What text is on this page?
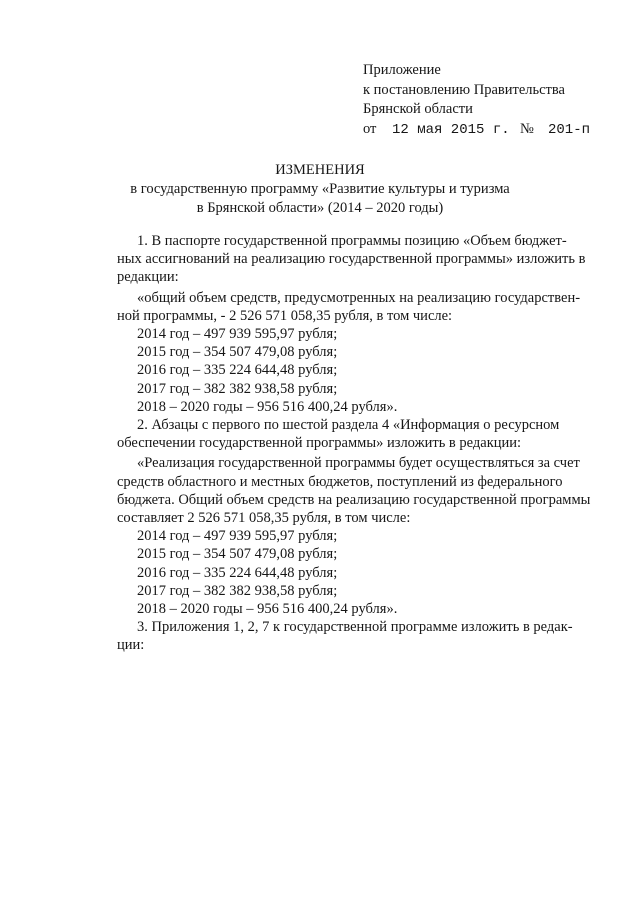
Приложение
к постановлению Правительства
Брянской области
от 12 мая 2015 г. № 201-п
ИЗМЕНЕНИЯ
в государственную программу «Развитие культуры и туризма
в Брянской области» (2014 – 2020 годы)
1. В паспорте государственной программы позицию «Объем бюджет-
ных ассигнований на реализацию государственной программы» изложить в
редакции:
«общий объем средств, предусмотренных на реализацию государствен-
ной программы, - 2 526 571 058,35 рубля, в том числе:
2014 год – 497 939 595,97 рубля;
2015 год – 354 507 479,08 рубля;
2016 год – 335 224 644,48 рубля;
2017 год – 382 382 938,58 рубля;
2018 – 2020 годы – 956 516 400,24 рубля».
2. Абзацы с первого по шестой раздела 4 «Информация о ресурсном
обеспечении государственной программы» изложить в редакции:
«Реализация государственной программы будет осуществляться за счет
средств областного и местных бюджетов, поступлений из федерального
бюджета. Общий объем средств на реализацию государственной программы
составляет 2 526 571 058,35 рубля, в том числе:
2014 год – 497 939 595,97 рубля;
2015 год – 354 507 479,08 рубля;
2016 год – 335 224 644,48 рубля;
2017 год – 382 382 938,58 рубля;
2018 – 2020 годы – 956 516 400,24 рубля».
3. Приложения 1, 2, 7 к государственной программе изложить в редак-
ции:
